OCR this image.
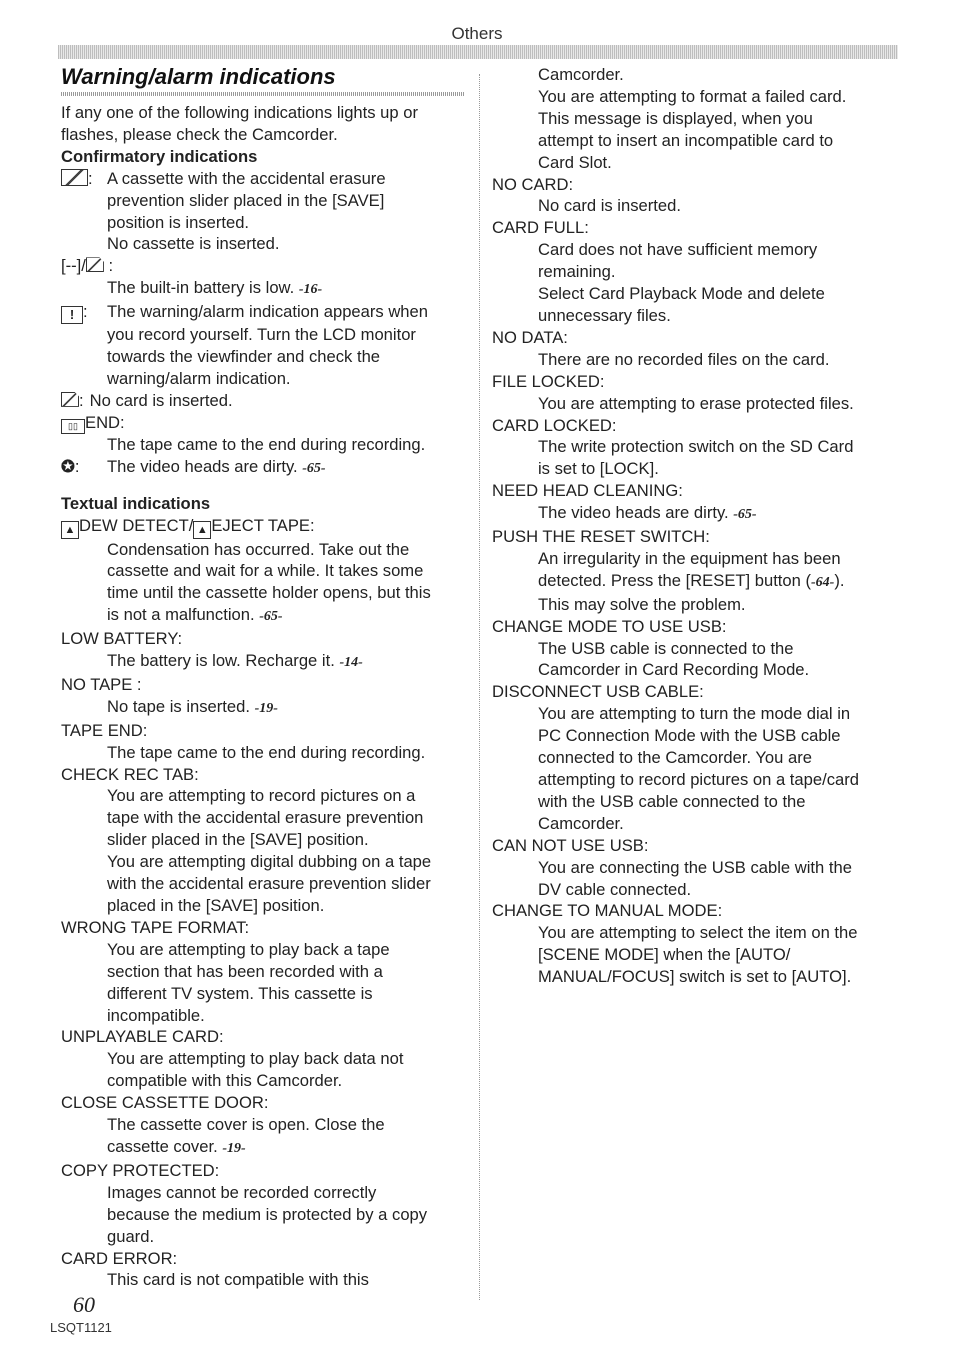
Others
Warning/alarm indications
If any one of the following indications lights up or flashes, please check the Camcorder.
Confirmatory indications
: A cassette with the accidental erasure
prevention slider placed in the [SAVE]
position is inserted.
No cassette is inserted.
[--]/ :
The built-in battery is low. -16-
! :	The warning/alarm indication appears when
you record yourself. Turn the LCD monitor
towards the viewfinder and check the
warning/alarm indication.
: No card is inserted.
▯▯ END:
The tape came to the end during recording.
✪:	The video heads are dirty. -65-
Textual indications
▲ DEW DETECT/ ▲ EJECT TAPE:
Condensation has occurred. Take out the
cassette and wait for a while. It takes some
time until the cassette holder opens, but this
is not a malfunction. -65-
LOW BATTERY:
The battery is low. Recharge it. -14-
NO TAPE :
No tape is inserted. -19-
TAPE END:
The tape came to the end during recording.
CHECK REC TAB:
You are attempting to record pictures on a
tape with the accidental erasure prevention
slider placed in the [SAVE] position.
You are attempting digital dubbing on a tape
with the accidental erasure prevention slider
placed in the [SAVE] position.
WRONG TAPE FORMAT:
You are attempting to play back a tape
section that has been recorded with a
different TV system. This cassette is
incompatible.
UNPLAYABLE CARD:
You are attempting to play back data not
compatible with this Camcorder.
CLOSE CASSETTE DOOR:
The cassette cover is open. Close the
cassette cover. -19-
COPY PROTECTED:
Images cannot be recorded correctly
because the medium is protected by a copy
guard.
CARD ERROR:
This card is not compatible with this
Camcorder.
You are attempting to format a failed card.
This message is displayed, when you
attempt to insert an incompatible card to
Card Slot.
NO CARD:
No card is inserted.
CARD FULL:
Card does not have sufficient memory
remaining.
Select Card Playback Mode and delete
unnecessary files.
NO DATA:
There are no recorded files on the card.
FILE LOCKED:
You are attempting to erase protected files.
CARD LOCKED:
The write protection switch on the SD Card
is set to [LOCK].
NEED HEAD CLEANING:
The video heads are dirty. -65-
PUSH THE RESET SWITCH:
An irregularity in the equipment has been
detected. Press the [RESET] button (-64-).
This may solve the problem.
CHANGE MODE TO USE USB:
The USB cable is connected to the
Camcorder in Card Recording Mode.
DISCONNECT USB CABLE:
You are attempting to turn the mode dial in
PC Connection Mode with the USB cable
connected to the Camcorder. You are
attempting to record pictures on a tape/card
with the USB cable connected to the
Camcorder.
CAN NOT USE USB:
You are connecting the USB cable with the
DV cable connected.
CHANGE TO MANUAL MODE:
You are attempting to select the item on the
[SCENE MODE] when the [AUTO/
MANUAL/FOCUS] switch is set to [AUTO].
60
LSQT1121
